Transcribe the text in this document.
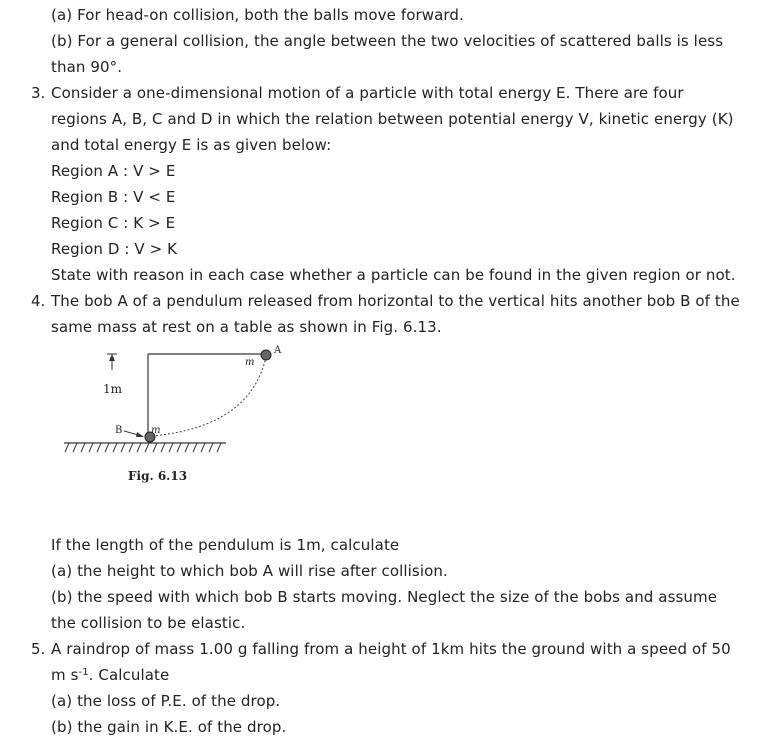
(a) For head-on collision, both the balls move forward.
(b) For a general collision, the angle between the two velocities of scattered balls is less
than 90°.
3. Consider a one-dimensional motion of a particle with total energy E. There are four
regions A, B, C and D in which the relation between potential energy V, kinetic energy (K)
and total energy E is as given below:
Region A : V > E
Region B : V < E
Region C : K > E
Region D : V > K
State with reason in each case whether a particle can be found in the given region or not.
4. The bob A of a pendulum released from horizontal to the vertical hits another bob B of the
same mass at rest on a table as shown in Fig. 6.13.
1m
A
m
B	m
Fig. 6.13
If the length of the pendulum is 1m, calculate
(a) the height to which bob A will rise after collision.
(b) the speed with which bob B starts moving. Neglect the size of the bobs and assume
the collision to be elastic.
5. A raindrop of mass 1.00 g falling from a height of 1km hits the ground with a speed of 50
m $s^{-1}$. Calculate
(a) the loss of P.E. of the drop.
(b) the gain in K.E. of the drop.
